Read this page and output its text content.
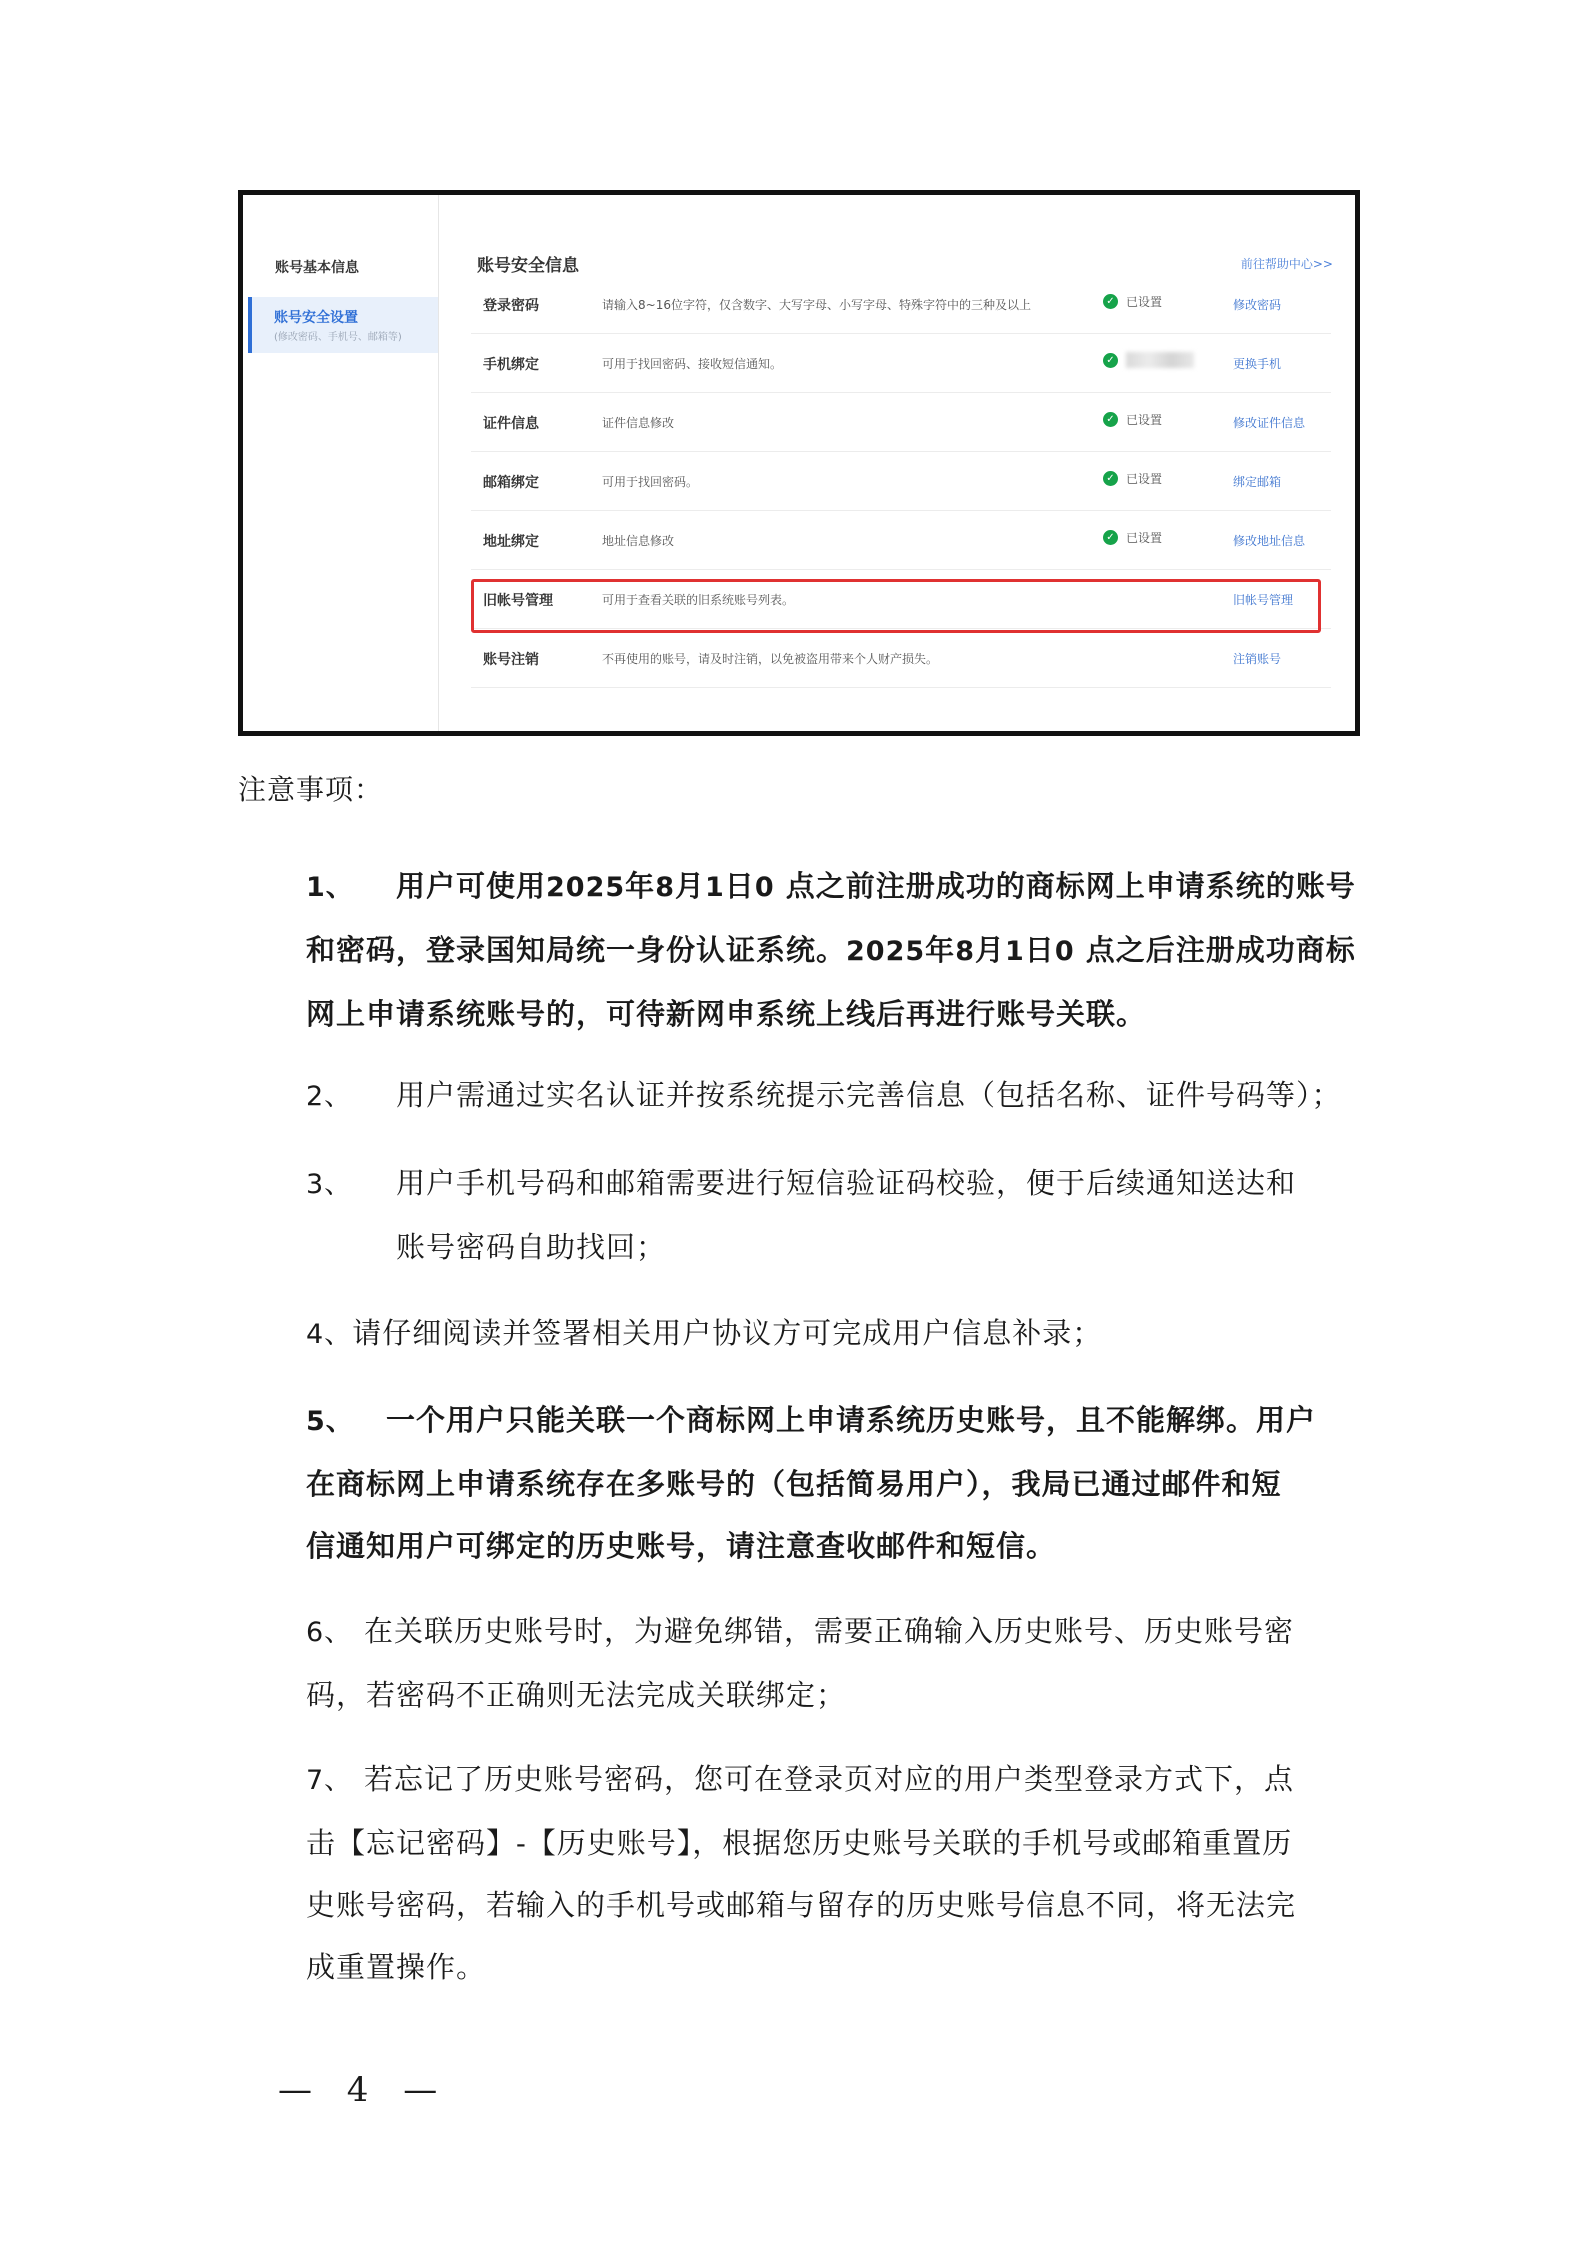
账号基本信息
账号安全设置
(修改密码、手机号、邮箱等)
账号安全信息	前往帮助中心>>
登录密码	请输入8~16位字符，仅含数字、大写字母、小写字母、特殊字符中的三种及以上	✓ 已设置	修改密码
手机绑定	可用于找回密码、接收短信通知。	✓	更换手机
证件信息	证件信息修改	✓ 已设置	修改证件信息
邮箱绑定	可用于找回密码。	✓ 已设置	绑定邮箱
地址绑定	地址信息修改	✓ 已设置	修改地址信息
旧帐号管理	可用于查看关联的旧系统账号列表。	旧帐号管理
账号注销	不再使用的账号，请及时注销，以免被盗用带来个人财产损失。	注销账号
注意事项：
1、 用户可使用2025年8月1日0 点之前注册成功的商标网上申请系统的账号
和密码，登录国知局统一身份认证系统。2025年8月1日0 点之后注册成功商标
网上申请系统账号的，可待新网申系统上线后再进行账号关联。
2、 用户需通过实名认证并按系统提示完善信息（包括名称、证件号码等）；
3、 用户手机号码和邮箱需要进行短信验证码校验，便于后续通知送达和
账号密码自助找回；
4、请仔细阅读并签署相关用户协议方可完成用户信息补录；
5、 一个用户只能关联一个商标网上申请系统历史账号，且不能解绑。用户
在商标网上申请系统存在多账号的（包括简易用户），我局已通过邮件和短
信通知用户可绑定的历史账号，请注意查收邮件和短信。
6、 在关联历史账号时，为避免绑错，需要正确输入历史账号、历史账号密
码，若密码不正确则无法完成关联绑定；
7、 若忘记了历史账号密码，您可在登录页对应的用户类型登录方式下，点
击【忘记密码】-【历史账号】，根据您历史账号关联的手机号或邮箱重置历
史账号密码，若输入的手机号或邮箱与留存的历史账号信息不同，将无法完
成重置操作。
— 4 —
